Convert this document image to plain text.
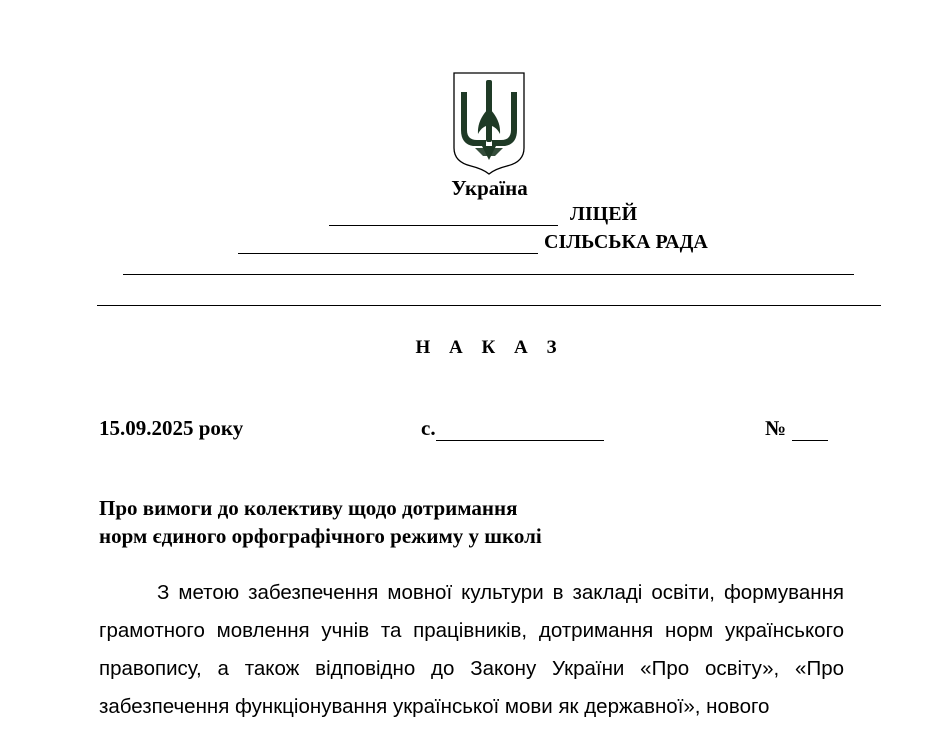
Україна
ЛІЦЕЙ
СІЛЬСЬКА РАДА
Н А К А З
15.09.2025 року	с.	№
Про вимоги до колективу щодо дотримання
норм єдиного орфографічного режиму у школі

З метою забезпечення мовної культури в закладі освіти, формування грамотного мовлення учнів та працівників, дотримання норм українського правопису, а також відповідно до Закону України «Про освіту», «Про забезпечення функціонування української мови як державної», нового
